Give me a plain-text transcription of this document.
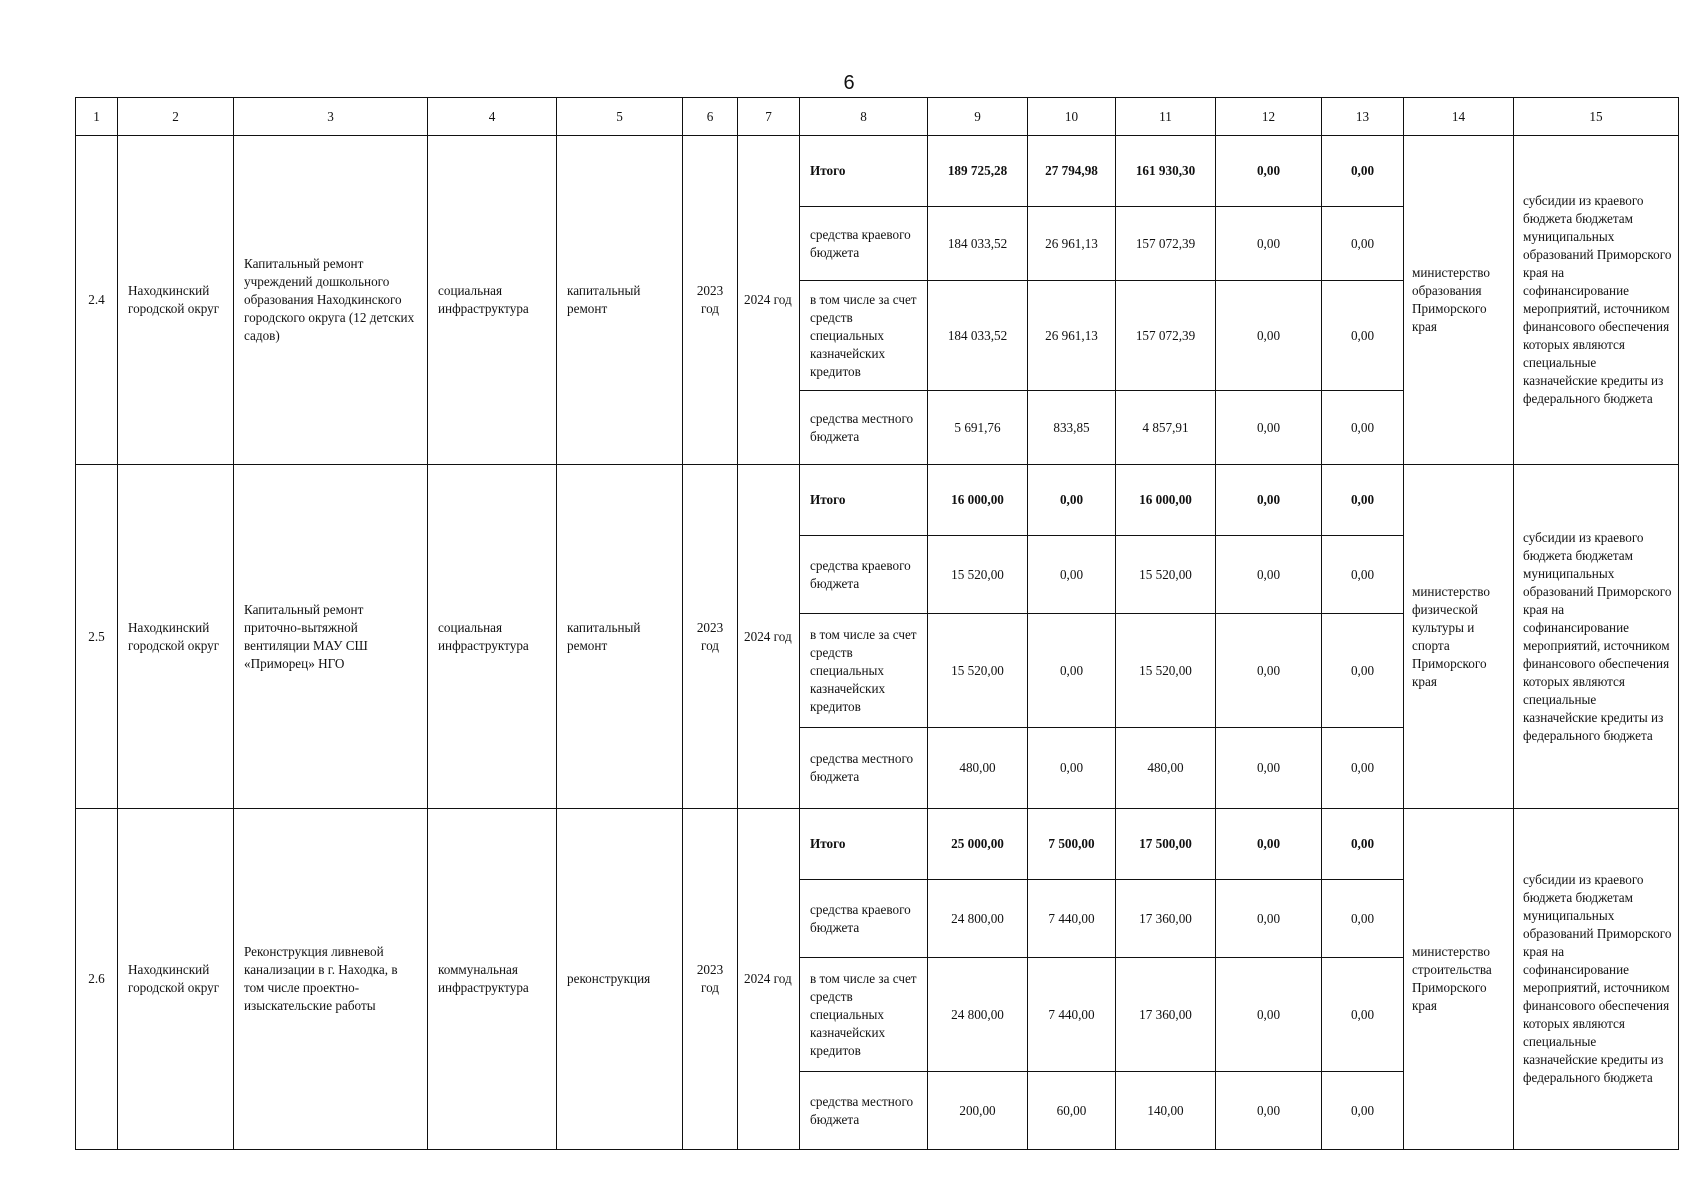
6
1	2	3	4	5	6	7	8	9	10	11	12	13	14	15
2.4	Находкинский городской округ	Капитальный ремонт учреждений дошкольного образования Находкинского городского округа (12 детских садов)	социальная инфраструктура	капитальный ремонт	2023 год	2024 год	Итого	189 725,28	27 794,98	161 930,30	0,00	0,00	министерство образования Приморского края	субсидии из краевого бюджета бюджетам муниципальных образований Приморского края на софинансирование мероприятий, источником финансового обеспечения которых являются специальные казначейские кредиты из федерального бюджета
							средства краевого бюджета	184 033,52	26 961,13	157 072,39	0,00	0,00		
							в том числе за счет средств специальных казначейских кредитов	184 033,52	26 961,13	157 072,39	0,00	0,00		
							средства местного бюджета	5 691,76	833,85	4 857,91	0,00	0,00		
2.5	Находкинский городской округ	Капитальный ремонт приточно-вытяжной вентиляции МАУ СШ «Приморец» НГО	социальная инфраструктура	капитальный ремонт	2023 год	2024 год	Итого	16 000,00	0,00	16 000,00	0,00	0,00	министерство физической культуры и спорта Приморского края	субсидии из краевого бюджета бюджетам муниципальных образований Приморского края на софинансирование мероприятий, источником финансового обеспечения которых являются специальные казначейские кредиты из федерального бюджета
							средства краевого бюджета	15 520,00	0,00	15 520,00	0,00	0,00		
							в том числе за счет средств специальных казначейских кредитов	15 520,00	0,00	15 520,00	0,00	0,00		
							средства местного бюджета	480,00	0,00	480,00	0,00	0,00		
2.6	Находкинский городской округ	Реконструкция ливневой канализации в г. Находка, в том числе проектно-изыскательские работы	коммунальная инфраструктура	реконструкция	2023 год	2024 год	Итого	25 000,00	7 500,00	17 500,00	0,00	0,00	министерство строительства Приморского края	субсидии из краевого бюджета бюджетам муниципальных образований Приморского края на софинансирование мероприятий, источником финансового обеспечения которых являются специальные казначейские кредиты из федерального бюджета
							средства краевого бюджета	24 800,00	7 440,00	17 360,00	0,00	0,00		
							в том числе за счет средств специальных казначейских кредитов	24 800,00	7 440,00	17 360,00	0,00	0,00		
							средства местного бюджета	200,00	60,00	140,00	0,00	0,00		
